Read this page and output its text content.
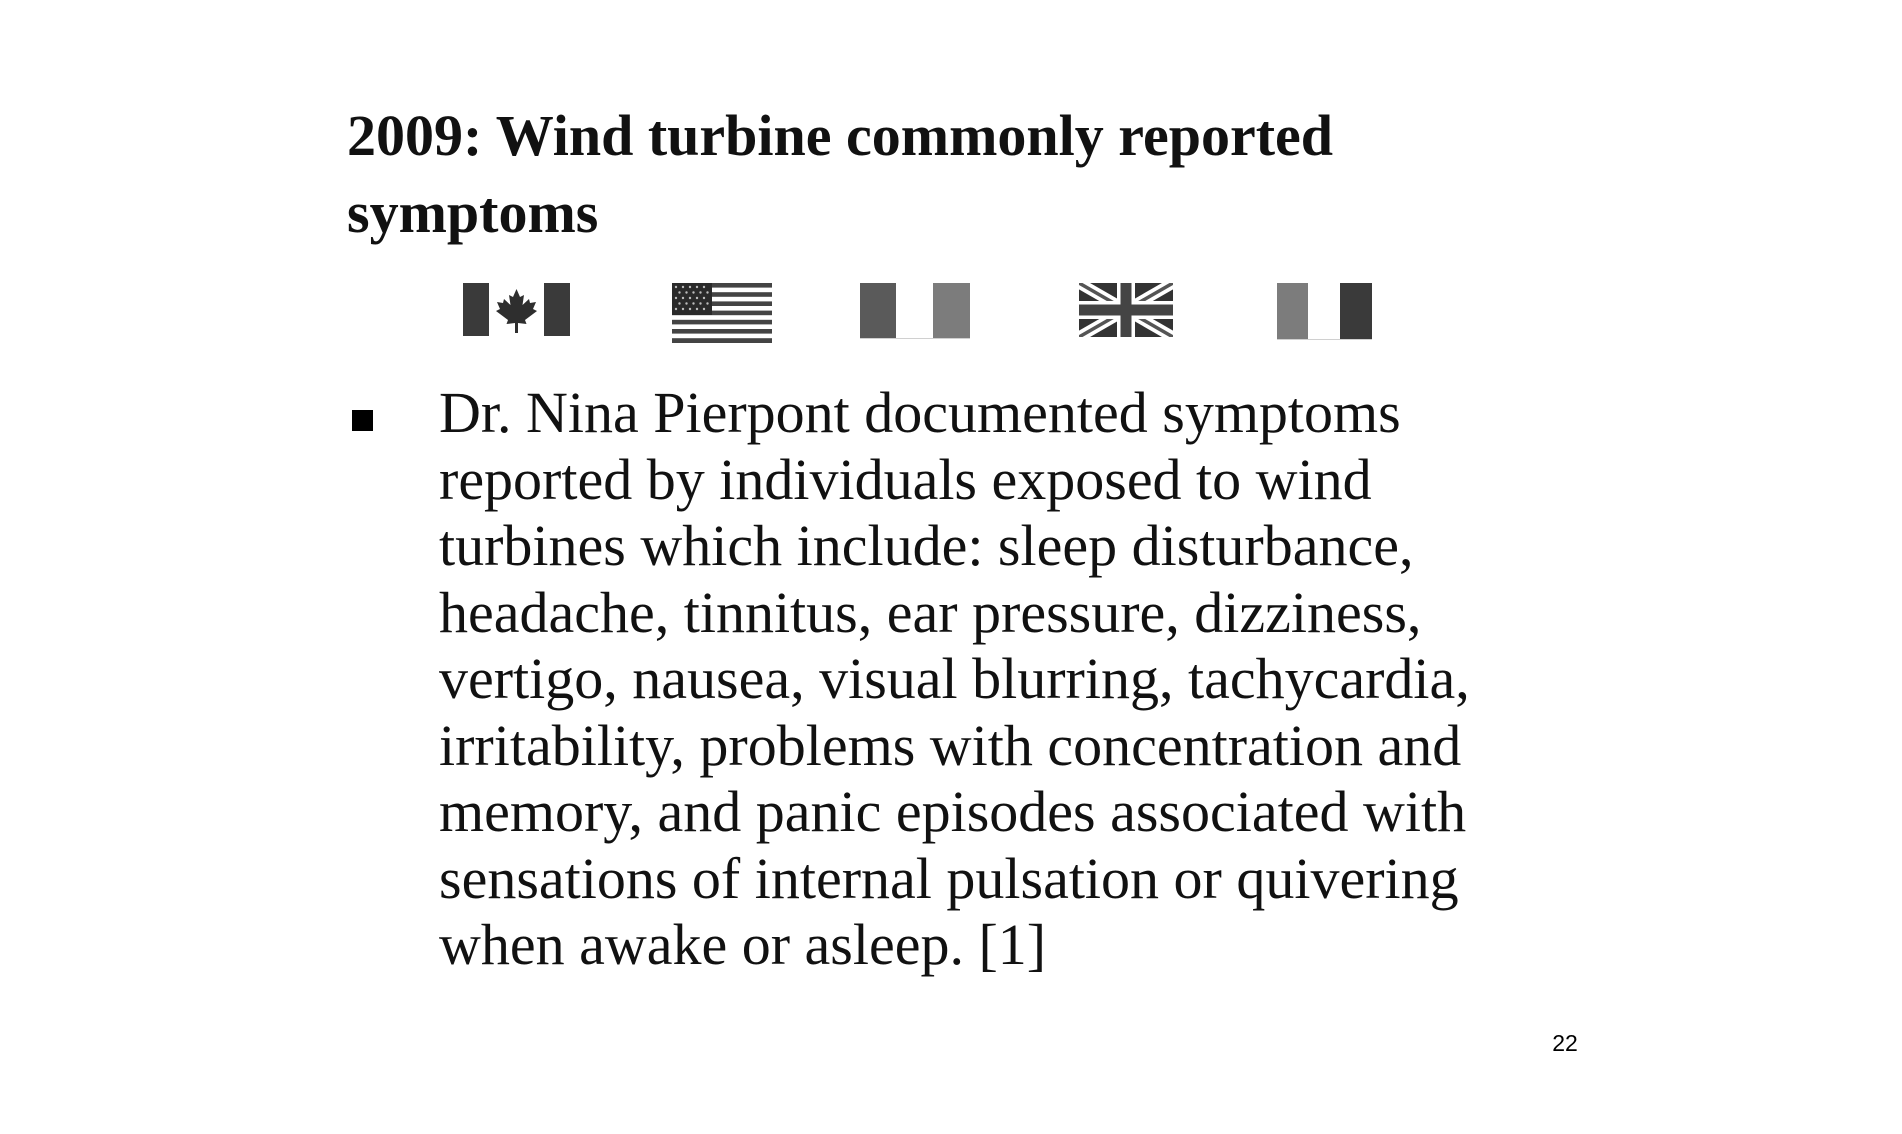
2009: Wind turbine commonly reported symptoms

Dr. Nina Pierpont documented symptoms reported by individuals exposed to wind turbines which include: sleep disturbance, headache, tinnitus, ear pressure, dizziness, vertigo, nausea, visual blurring, tachycardia, irritability, problems with concentration and memory, and panic episodes associated with sensations of internal pulsation or quivering when awake or asleep. [1]

22
